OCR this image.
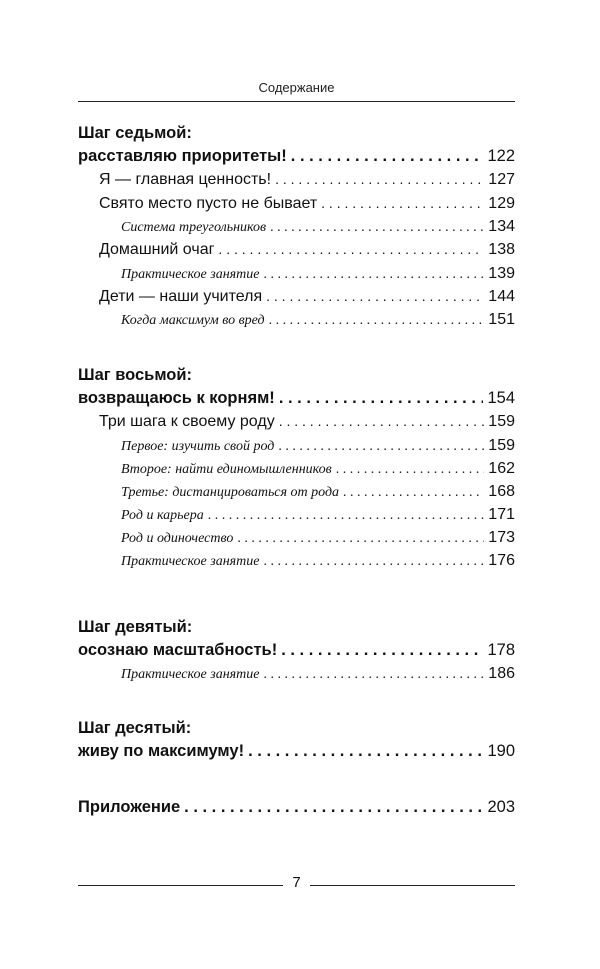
Содержание
Шаг седьмой:
расставляю приоритеты! . . .	122
Я — главная ценность! . . .	127
Свято место пусто не бывает . . .	129
Система треугольников . . .	134
Домашний очаг . . .	138
Практическое занятие . . .	139
Дети — наши учителя . . .	144
Когда максимум во вред . . .	151
Шаг восьмой:
возвращаюсь к корням! . . .	154
Три шага к своему роду . . .	159
Первое: изучить свой род . . .	159
Второе: найти единомышленников . . .	162
Третье: дистанцироваться от рода . . .	168
Род и карьера . . .	171
Род и одиночество . . .	173
Практическое занятие . . .	176
Шаг девятый:
осознаю масштабность! . . .	178
Практическое занятие . . .	186
Шаг десятый:
живу по максимуму! . . .	190
Приложение . . .	203
7
